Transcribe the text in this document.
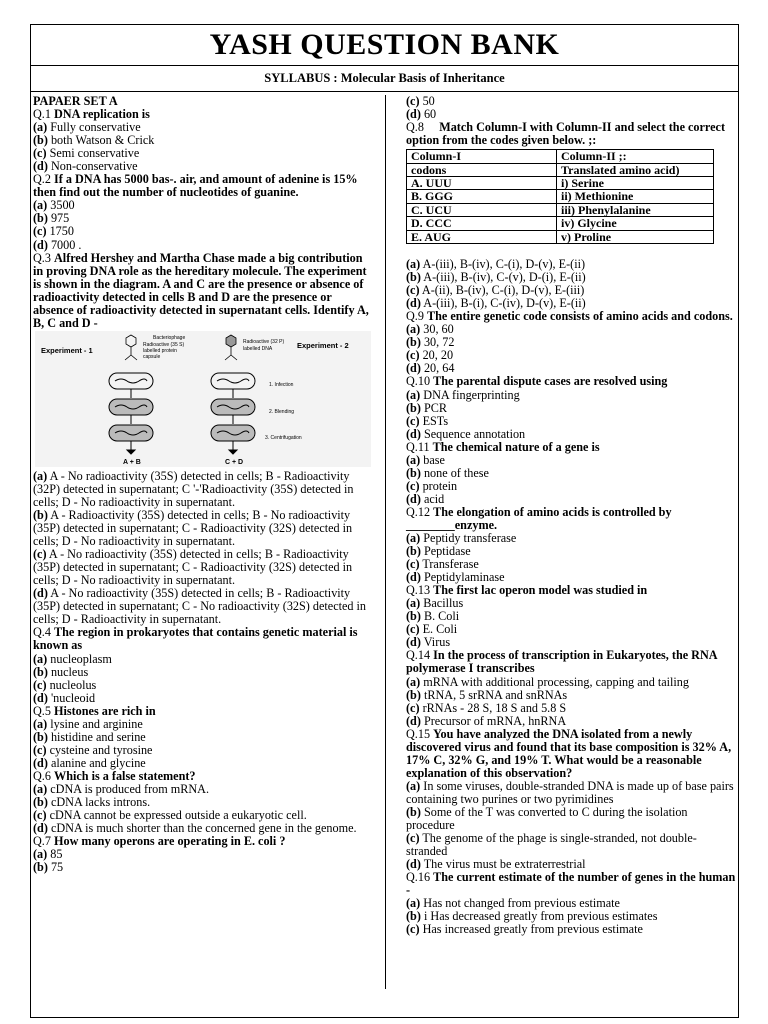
YASH QUESTION BANK
SYLLABUS : Molecular Basis of Inheritance
PAPAER SET A
Q.1 DNA replication is
(a) Fully conservative
(b) both Watson & Crick
(c) Semi conservative
(d) Non-conservative
Q.2 If a DNA has 5000 bas-. air, and amount of adenine is 15% then find out the number of nucleotides of guanine.
(a) 3500
(b) 975
(c) 1750
(d) 7000 .
Q.3 Alfred Hershey and Martha Chase made a big contribution in proving DNA role as the hereditary molecule. The experiment is shown in the diagram. A and C are the presence or absence of radioactivity detected in cells B and D are the presence or absence of radioactivity detected in supernatant cells. Identify A, B, C and D -
Experiment - 1
Experiment - 2
Bacteriophage
Radioactive (35 S)
labelled protein
capsule
Radioactive (32 P)
labelled DNA
1. Infection
2. Blending
3. Centrifugation
A + B	C + D
(a) A - No radioactivity (35S) detected in cells; B - Radioactivity (32P) detected in supernatant; C '-'Radioactivity (35S) detected in cells; D - No radioactivity in supernatant.
(b) A - Radioactivity (35S) detected in cells; B - No radioactivity (35P) detected in supernatant; C - Radioactivity (32S) detected in cells; D - No radioactivity in supernatant.
(c) A - No radioactivity (35S) detected in cells; B - Radioactivity (35P) detected in supernatant; C - Radioactivity (32S) detected in cells; D - No radioactivity in supernatant.
(d) A - No radioactivity (35S) detected in cells; B - Radioactivity (35P) detected in supernatant; C - No radioactivity (32S) detected in cells; D - Radioactivity in supernatant.
Q.4 The region in prokaryotes that contains genetic material is known as
(a) nucleoplasm
(b) nucleus
(c) nucleolus
(d) 'nucleoid
Q.5 Histones are rich in
(a) lysine and arginine
(b) histidine and serine
(c) cysteine and tyrosine
(d) alanine and glycine
Q.6 Which is a false statement?
(a) cDNA is produced from mRNA.
(b) cDNA lacks introns.
(c) cDNA cannot be expressed outside a eukaryotic cell.
(d) cDNA is much shorter than the concerned gene in the genome.
Q.7 How many operons are operating in E. coli ?
(a) 85
(b) 75
(c) 50
(d) 60
Q.8 Match Column-I with Column-II and select the correct option from the codes given below. ;:
Column-I	Column-II ;:
codons	Translated amino acid)
A. UUU	i) Serine
B. GGG	ii) Methionine
C. UCU	iii) Phenylalanine
D. CCC	iv) Glycine
E. AUG	v) Proline
(a) A-(iii), B-(iv), C-(i), D-(v), E-(ii)
(b) A-(iii), B-(iv), C-(v), D-(i), E-(ii)
(c) A-(ii), B-(iv), C-(i), D-(v), E-(iii)
(d) A-(iii), B-(i), C-(iv), D-(v), E-(ii)
Q.9 The entire genetic code consists of amino acids and codons.
(a) 30, 60
(b) 30, 72
(c) 20, 20
(d) 20, 64
Q.10 The parental dispute cases are resolved using
(a) DNA fingerprinting
(b) PCR
(c) ESTs
(d) Sequence annotation
Q.11 The chemical nature of a gene is
(a) base
(b) none of these
(c) protein
(d) acid
Q.12 The elongation of amino acids is controlled by ________enzyme.
(a) Peptidy transferase
(b) Peptidase
(c) Transferase
(d) Peptidylaminase
Q.13 The first lac operon model was studied in
(a) Bacillus
(b) B. Coli
(c) E. Coli
(d) Virus
Q.14 In the process of transcription in Eukaryotes, the RNA polymerase I transcribes
(a) mRNA with additional processing, capping and tailing
(b) tRNA, 5 srRNA and snRNAs
(c) rRNAs - 28 S, 18 S and 5.8 S
(d) Precursor of mRNA, hnRNA
Q.15 You have analyzed the DNA isolated from a newly discovered virus and found that its base composition is 32% A, 17% C, 32% G, and 19% T. What would be a reasonable explanation of this observation?
(a) In some viruses, double-stranded DNA is made up of base pairs containing two purines or two pyrimidines
(b) Some of the T was converted to C during the isolation procedure
(c) The genome of the phage is single-stranded, not double-stranded
(d) The virus must be extraterrestrial
Q.16 The current estimate of the number of genes in the human -
(a) Has not changed from previous estimate
(b) i Has decreased greatly from previous estimates
(c) Has increased greatly from previous estimate
